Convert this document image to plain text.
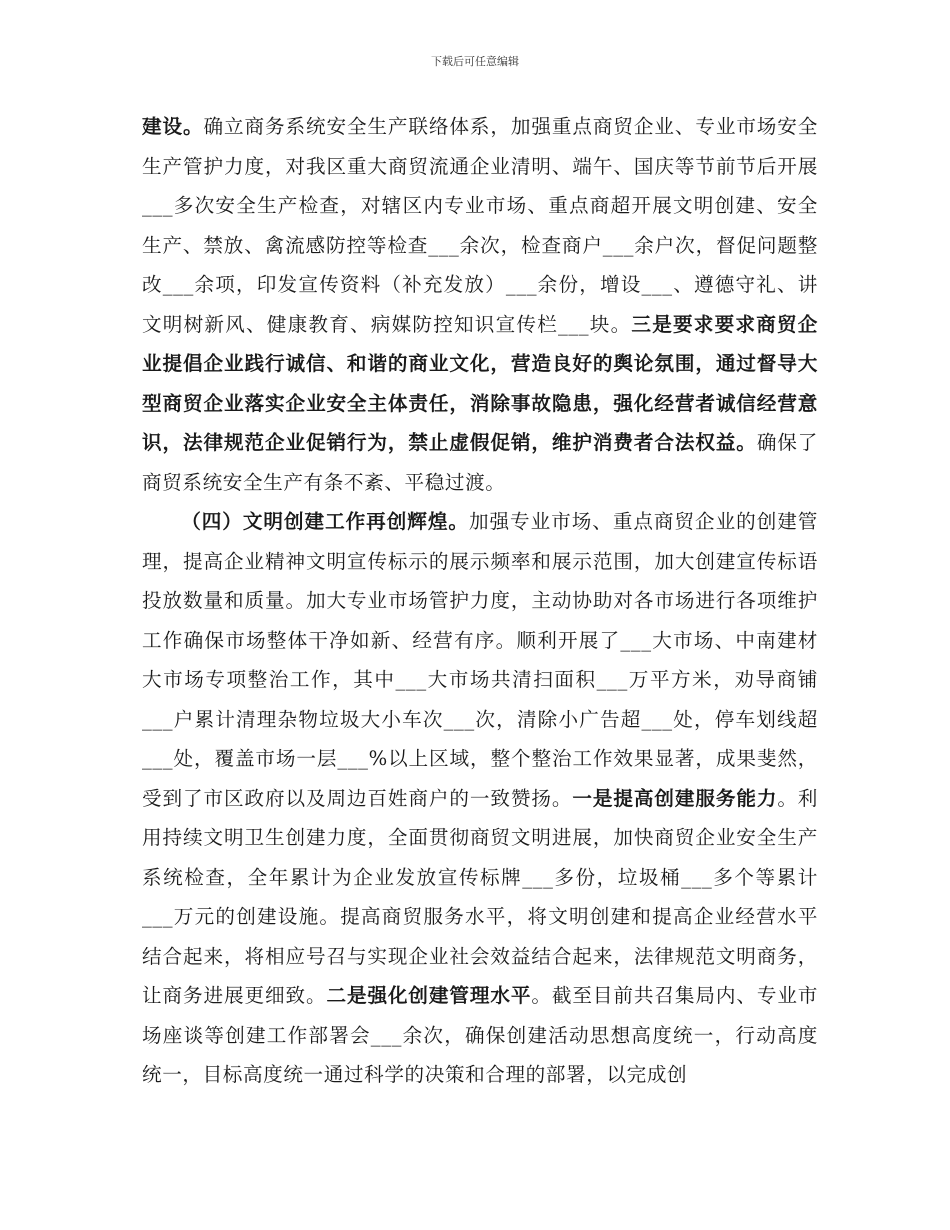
下载后可任意编辑

建设。确立商务系统安全生产联络体系，加强重点商贸企业、专业市场安全生产管护力度，对我区重大商贸流通企业清明、端午、国庆等节前节后开展___多次安全生产检查，对辖区内专业市场、重点商超开展文明创建、安全生产、禁放、禽流感防控等检查___余次，检查商户___余户次，督促问题整改___余项，印发宣传资料（补充发放）___余份，增设___、遵德守礼、讲文明树新风、健康教育、病媒防控知识宣传栏___块。三是要求要求商贸企业提倡企业践行诚信、和谐的商业文化，营造良好的舆论氛围，通过督导大型商贸企业落实企业安全主体责任，消除事故隐患，强化经营者诚信经营意识，法律规范企业促销行为，禁止虚假促销，维护消费者合法权益。确保了商贸系统安全生产有条不紊、平稳过渡。

（四）文明创建工作再创辉煌。加强专业市场、重点商贸企业的创建管理，提高企业精神文明宣传标示的展示频率和展示范围，加大创建宣传标语投放数量和质量。加大专业市场管护力度，主动协助对各市场进行各项维护工作确保市场整体干净如新、经营有序。顺利开展了___大市场、中南建材大市场专项整治工作，其中___大市场共清扫面积___万平方米，劝导商铺___户累计清理杂物垃圾大小车次___次，清除小广告超___处，停车划线超___处，覆盖市场一层___%以上区域，整个整治工作效果显著，成果斐然，受到了市区政府以及周边百姓商户的一致赞扬。一是提高创建服务能力。利用持续文明卫生创建力度，全面贯彻商贸文明进展，加快商贸企业安全生产系统检查，全年累计为企业发放宣传标牌___多份，垃圾桶___多个等累计___万元的创建设施。提高商贸服务水平，将文明创建和提高企业经营水平结合起来，将相应号召与实现企业社会效益结合起来，法律规范文明商务，让商务进展更细致。二是强化创建管理水平。截至目前共召集局内、专业市场座谈等创建工作部署会___余次，确保创建活动思想高度统一，行动高度统一，目标高度统一通过科学的决策和合理的部署，以完成创
